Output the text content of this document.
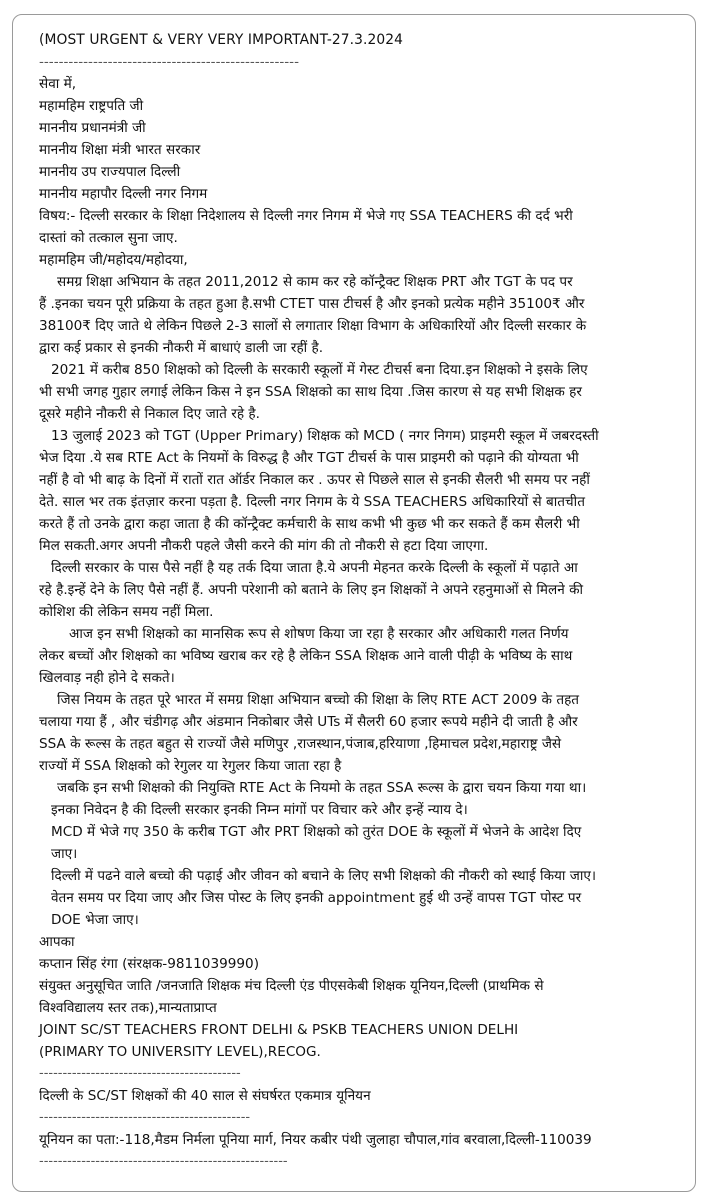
(MOST URGENT & VERY VERY IMPORTANT-27.3.2024

-----------------------------------------------------

सेवा में,

महामहिम राष्ट्रपति जी

माननीय प्रधानमंत्री जी

माननीय शिक्षा मंत्री भारत सरकार

माननीय उप राज्यपाल दिल्ली

माननीय महापौर दिल्ली नगर निगम

विषय:- दिल्ली सरकार के शिक्षा निदेशालय से दिल्ली नगर निगम में भेजे गए SSA TEACHERS की दर्द भरी

दास्तां को तत्काल सुना जाए.

महामहिम जी/महोदय/महोदया,

समग्र शिक्षा अभियान के तहत 2011,2012 से काम कर रहे कॉन्ट्रैक्ट शिक्षक PRT और TGT के पद पर

हैं .इनका चयन पूरी प्रक्रिया के तहत हुआ है.सभी CTET पास टीचर्स है और इनको प्रत्येक महीने 35100₹ और

38100₹ दिए जाते थे लेकिन पिछले 2-3 सालों से लगातार शिक्षा विभाग के अधिकारियों और दिल्ली सरकार के

द्वारा कई प्रकार से इनकी नौकरी में बाधाएं डाली जा रहीं है.

2021 में करीब 850 शिक्षको को दिल्ली के सरकारी स्कूलों में गेस्ट टीचर्स बना दिया.इन शिक्षको ने इसके लिए

भी सभी जगह गुहार लगाई लेकिन किस ने इन SSA शिक्षको का साथ दिया .जिस कारण से यह सभी शिक्षक हर

दूसरे महीने नौकरी से निकाल दिए जाते रहे है.

13 जुलाई 2023 को TGT (Upper Primary) शिक्षक को MCD ( नगर निगम) प्राइमरी स्कूल में जबरदस्ती

भेज दिया .ये सब RTE Act के नियमों के विरुद्ध है और TGT टीचर्स के पास प्राइमरी को पढ़ाने की योग्यता भी

नहीं है वो भी बाढ़ के दिनों में रातों रात ऑर्डर निकाल कर . ऊपर से पिछले साल से इनकी सैलरी भी समय पर नहीं

देते. साल भर तक इंतज़ार करना पड़ता है. दिल्ली नगर निगम के ये SSA TEACHERS अधिकारियों से बातचीत

करते हैं तो उनके द्वारा कहा जाता है की कॉन्ट्रैक्ट कर्मचारी के साथ कभी भी कुछ भी कर सकते हैं कम सैलरी भी

मिल सकती.अगर अपनी नौकरी पहले जैसी करने की मांग की तो नौकरी से हटा दिया जाएगा.

दिल्ली सरकार के पास पैसे नहीं है यह तर्क दिया जाता है.ये अपनी मेहनत करके दिल्ली के स्कूलों में पढ़ाते आ

रहे है.इन्हें देने के लिए पैसे नहीं हैं. अपनी परेशानी को बताने के लिए इन शिक्षकों ने अपने रहनुमाओं से मिलने की

कोशिश की लेकिन समय नहीं मिला.

आज इन सभी शिक्षको का मानसिक रूप से शोषण किया जा रहा है सरकार और अधिकारी गलत निर्णय

लेकर बच्चों और शिक्षको का भविष्य खराब कर रहे है लेकिन SSA शिक्षक आने वाली पीढ़ी के भविष्य के साथ

खिलवाड़ नही होने दे सकते।

जिस नियम के तहत पूरे भारत में समग्र शिक्षा अभियान बच्चो की शिक्षा के लिए RTE ACT 2009 के तहत

चलाया गया हैं , और चंडीगढ़ और अंडमान निकोबार जैसे UTs में सैलरी 60 हजार रूपये महीने दी जाती है और

SSA के रूल्स के तहत बहुत से राज्यों जैसे मणिपुर ,राजस्थान,पंजाब,हरियाणा ,हिमाचल प्रदेश,महाराष्ट्र जैसे

राज्यों में SSA शिक्षको को रेगुलर या रेगुलर किया जाता रहा है

जबकि इन सभी शिक्षको की नियुक्ति RTE Act के नियमो के तहत SSA रूल्स के द्वारा चयन किया गया था।

इनका निवेदन है की दिल्ली सरकार इनकी निम्न मांगों पर विचार करे और इन्हें न्याय दे।

MCD में भेजे गए 350 के करीब TGT और PRT शिक्षको को तुरंत DOE के स्कूलों में भेजने के आदेश दिए

जाए।

दिल्ली में पढने वाले बच्चो की पढ़ाई और जीवन को बचाने के लिए सभी शिक्षको की नौकरी को स्थाई किया जाए।

वेतन समय पर दिया जाए और जिस पोस्ट के लिए इनकी appointment हुई थी उन्हें वापस TGT पोस्ट पर

DOE भेजा जाए।

आपका

कप्तान सिंह रंगा (संरक्षक-9811039990)

संयुक्त अनुसूचित जाति /जनजाति शिक्षक मंच दिल्ली एंड पीएसकेबी शिक्षक यूनियन,दिल्ली (प्राथमिक से

विश्वविद्यालय स्तर तक),मान्यताप्राप्त

JOINT SC/ST TEACHERS FRONT DELHI & PSKB TEACHERS UNION DELHI

(PRIMARY TO UNIVERSITY LEVEL),RECOG.

-------------------------------------------

दिल्ली के SC/ST शिक्षकों की 40 साल से संघर्षरत एकमात्र यूनियन

---------------------------------------------

यूनियन का पता:-118,मैडम निर्मला पूनिया मार्ग, नियर कबीर पंथी जुलाहा चौपाल,गांव बरवाला,दिल्ली-110039

-----------------------------------------------------
